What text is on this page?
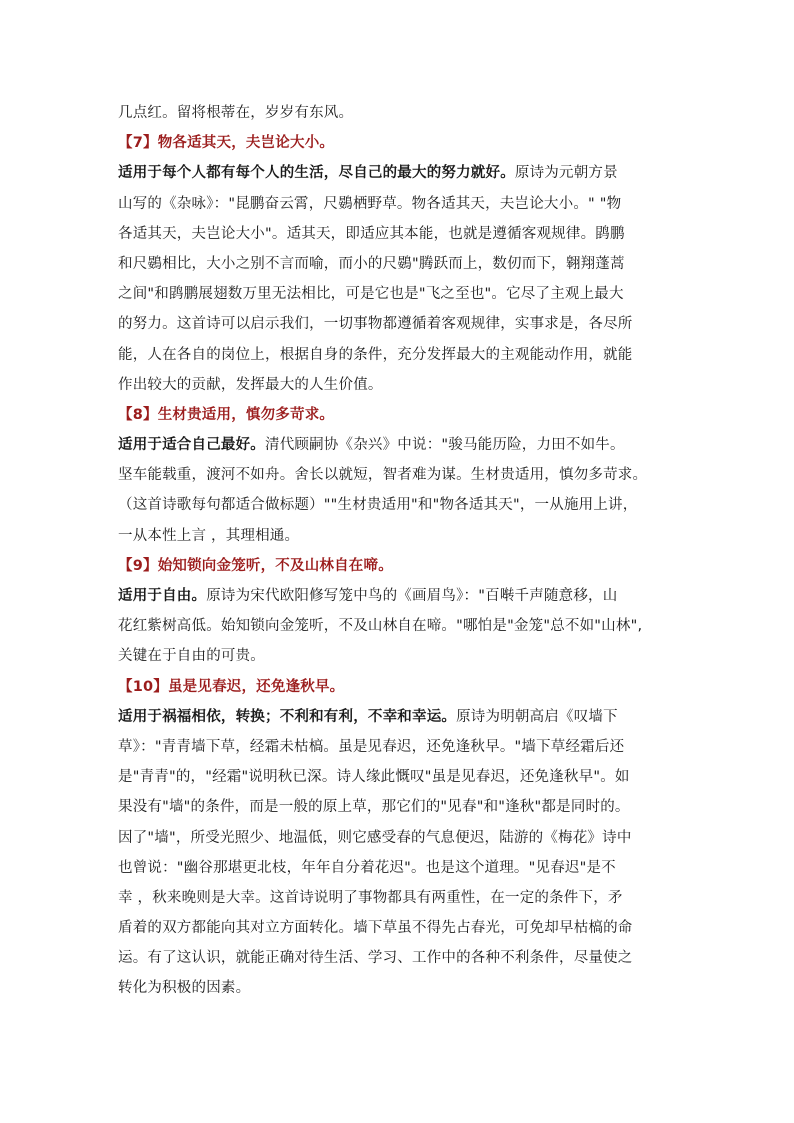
几点红。留将根蒂在，岁岁有东风。
【7】物各适其天，夫岂论大小。
适用于每个人都有每个人的生活，尽自己的最大的努力就好。原诗为元朝方景
山写的《杂咏》："昆鹏奋云霄，尺鷃栖野草。物各适其天，夫岂论大小。" "物
各适其天，夫岂论大小"。适其天，即适应其本能，也就是遵循客观规律。鹍鹏
和尺鷃相比，大小之别不言而喻，而小的尺鷃"腾跃而上，数仞而下，翱翔蓬蒿
之间"和鹍鹏展翅数万里无法相比，可是它也是"飞之至也"。它尽了主观上最大
的努力。这首诗可以启示我们，一切事物都遵循着客观规律，实事求是，各尽所
能，人在各自的岗位上，根据自身的条件，充分发挥最大的主观能动作用，就能
作出较大的贡献，发挥最大的人生价值。
【8】生材贵适用，慎勿多苛求。
适用于适合自己最好。清代顾嗣协《杂兴》中说："骏马能历险，力田不如牛。
坚车能载重，渡河不如舟。舍长以就短，智者难为谋。生材贵适用，慎勿多苛求。
（这首诗歌每句都适合做标题）""生材贵适用"和"物各适其天"，一从施用上讲，
一从本性上言 ，其理相通。
【9】始知锁向金笼听，不及山林自在啼。
适用于自由。原诗为宋代欧阳修写笼中鸟的《画眉鸟》："百啭千声随意移，山
花红紫树高低。始知锁向金笼听，不及山林自在啼。"哪怕是"金笼"总不如"山林",
关键在于自由的可贵。
【10】虽是见春迟，还免逢秋早。
适用于祸福相依，转换；不利和有利，不幸和幸运。原诗为明朝高启《叹墙下
草》："青青墙下草，经霜未枯槁。虽是见春迟，还免逢秋早。"墙下草经霜后还
是"青青"的，"经霜"说明秋已深。诗人缘此慨叹"虽是见春迟，还免逢秋早"。如
果没有"墙"的条件，而是一般的原上草，那它们的"见春"和"逢秋"都是同时的。
因了"墙"，所受光照少、地温低，则它感受春的气息便迟，陆游的《梅花》诗中
也曾说："幽谷那堪更北枝，年年自分着花迟"。也是这个道理。"见春迟"是不
幸 ，秋来晚则是大幸。这首诗说明了事物都具有两重性，在一定的条件下，矛
盾着的双方都能向其对立方面转化。墙下草虽不得先占春光，可免却早枯槁的命
运。有了这认识，就能正确对待生活、学习、工作中的各种不利条件，尽量使之
转化为积极的因素。
